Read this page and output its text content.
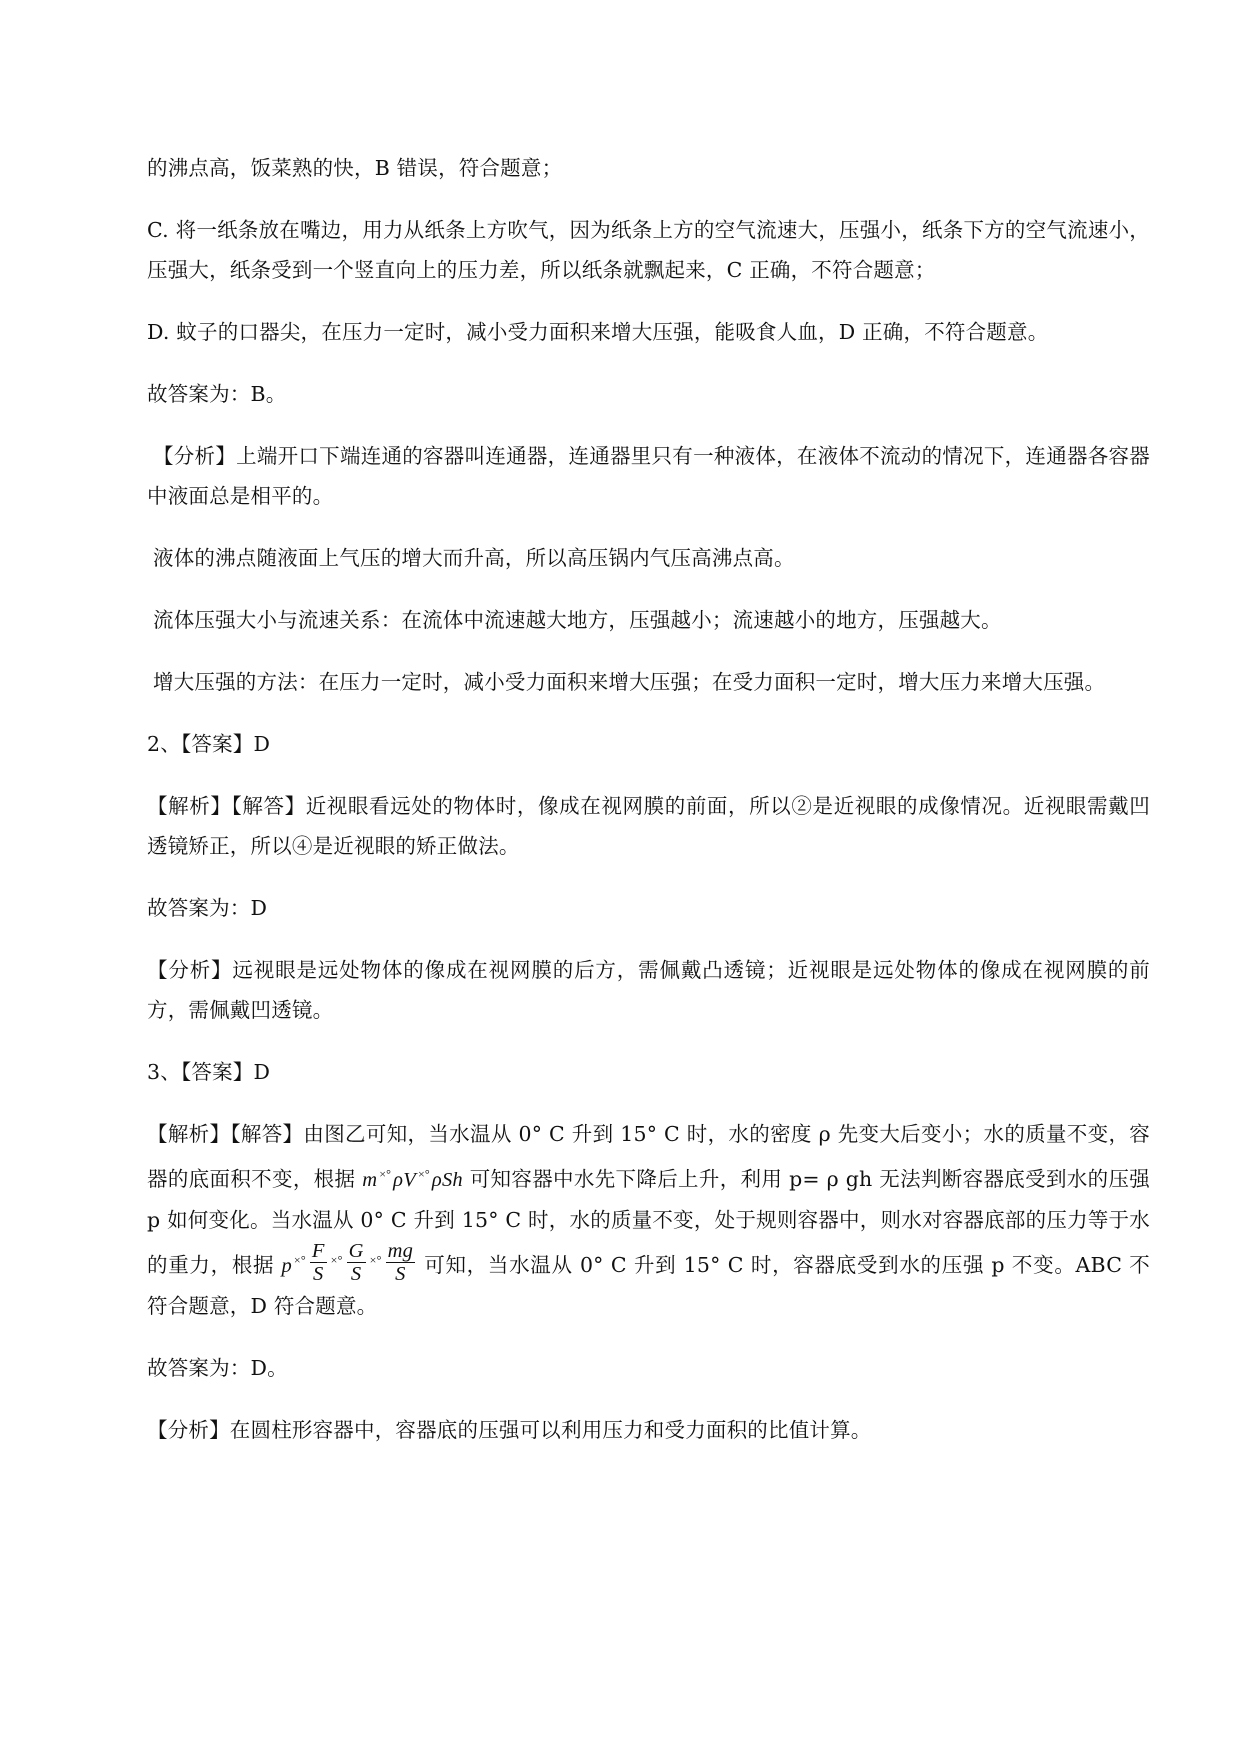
的沸点高，饭菜熟的快，B 错误，符合题意；

C. 将一纸条放在嘴边，用力从纸条上方吹气，因为纸条上方的空气流速大，压强小，纸条下方的空气流速小，压强大，纸条受到一个竖直向上的压力差，所以纸条就飘起来，C 正确，不符合题意；

D. 蚊子的口器尖，在压力一定时，减小受力面积来增大压强，能吸食人血，D 正确，不符合题意。

故答案为：B。

【分析】上端开口下端连通的容器叫连通器，连通器里只有一种液体，在液体不流动的情况下，连通器各容器中液面总是相平的。

液体的沸点随液面上气压的增大而升高，所以高压锅内气压高沸点高。

流体压强大小与流速关系：在流体中流速越大地方，压强越小；流速越小的地方，压强越大。

增大压强的方法：在压力一定时，减小受力面积来增大压强；在受力面积一定时，增大压力来增大压强。

2、【答案】D

【解析】【解答】近视眼看远处的物体时，像成在视网膜的前面，所以②是近视眼的成像情况。近视眼需戴凹透镜矫正，所以④是近视眼的矫正做法。

故答案为：D

【分析】远视眼是远处物体的像成在视网膜的后方，需佩戴凸透镜；近视眼是远处物体的像成在视网膜的前方，需佩戴凹透镜。

3、【答案】D

【解析】【解答】由图乙可知，当水温从 0° C 升到 15° C 时，水的密度 ρ 先变大后变小；水的质量不变，容器的底面积不变，根据 m ×°ρV ×°ρSh 可知容器中水先下降后上升，利用 p= ρ gh 无法判断容器底受到水的压强 p 如何变化。当水温从 0° C 升到 15° C 时，水的质量不变，处于规则容器中，则水对容器底部的压力等于水的重力，根据 p $^{\times^\circ} \frac{F}{S} ^{\times^\circ} \frac{G}{S} ^{\times^\circ} \frac{mg}{S}$ 可知，当水温从 0° C 升到 15° C 时，容器底受到水的压强 p 不变。ABC 不符合题意，D 符合题意。

故答案为：D。

【分析】在圆柱形容器中，容器底的压强可以利用压力和受力面积的比值计算。
